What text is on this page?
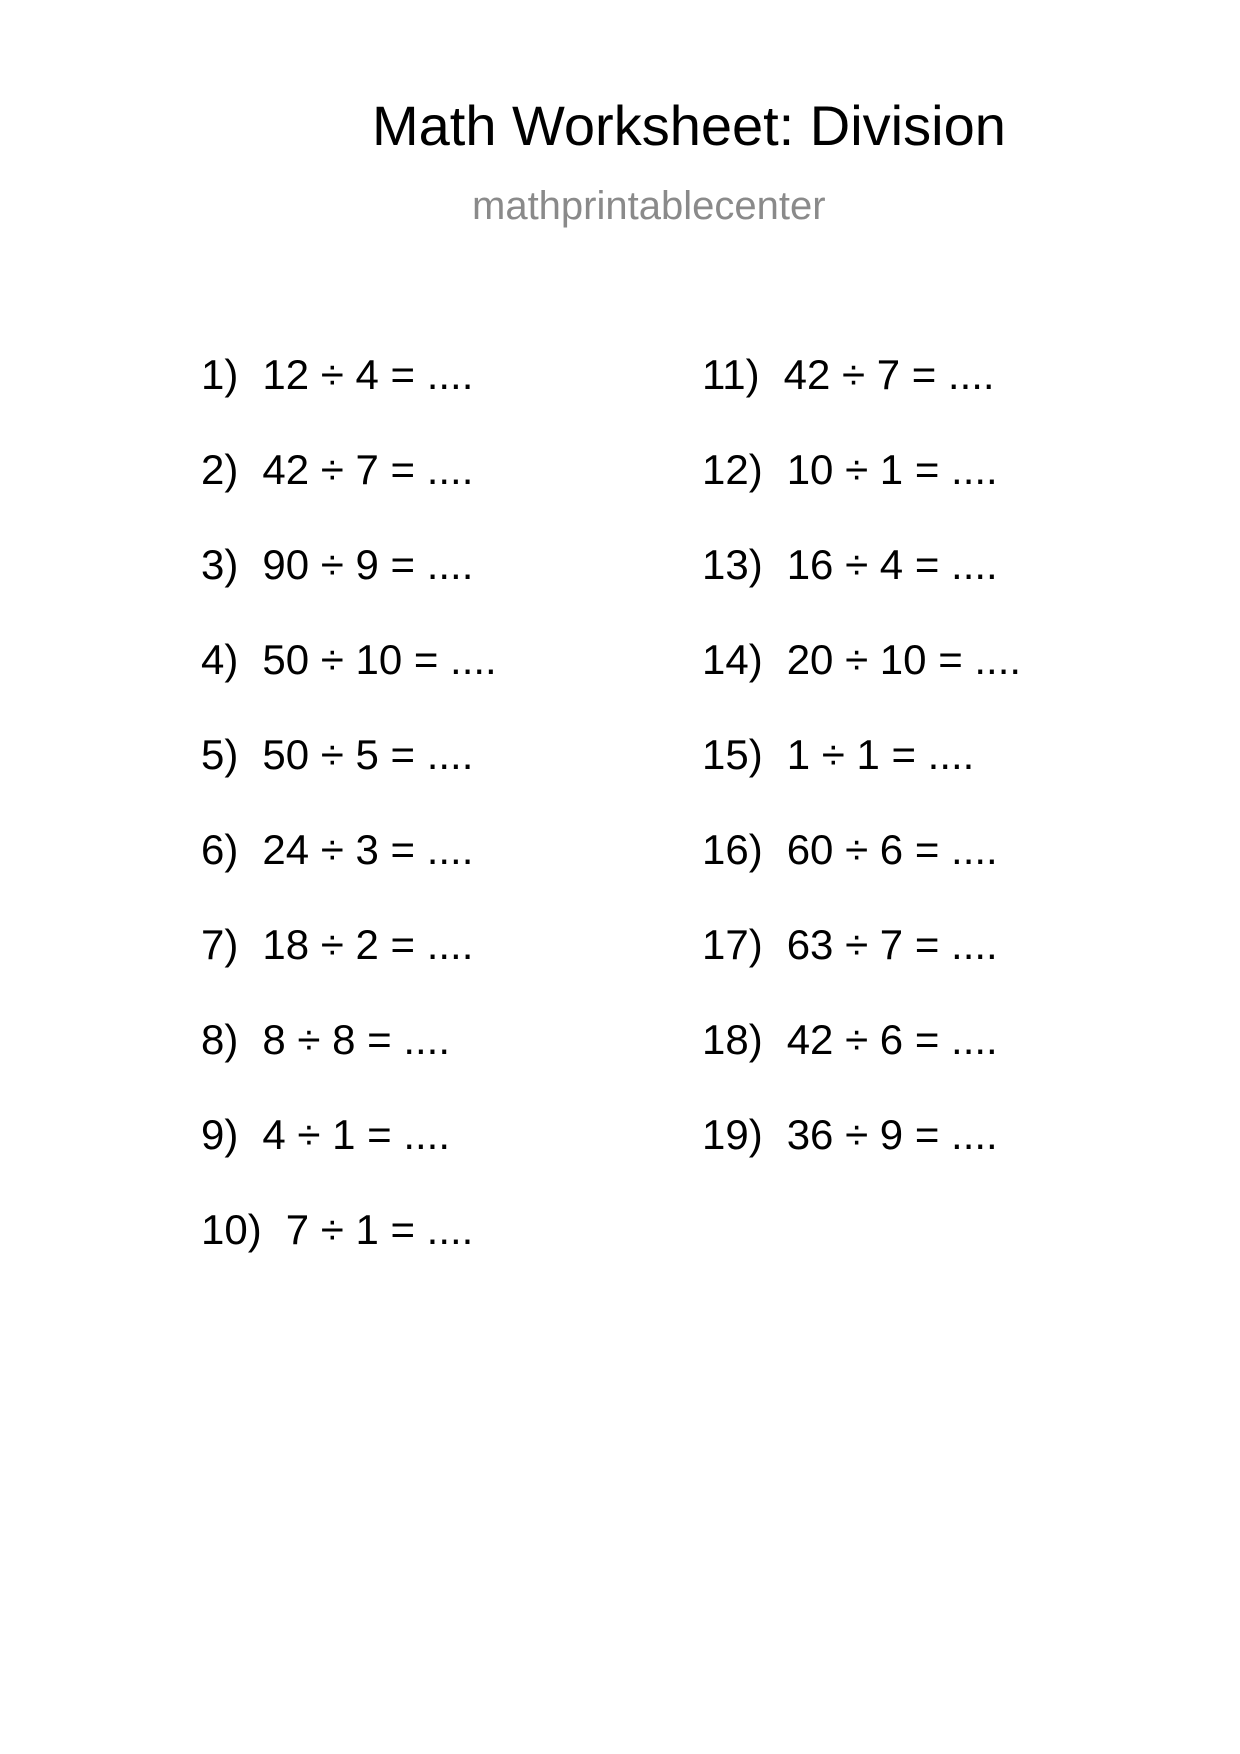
Math Worksheet: Division
mathprintablecenter
1) 12 ÷ 4 = ....
2) 42 ÷ 7 = ....
3) 90 ÷ 9 = ....
4) 50 ÷ 10 = ....
5) 50 ÷ 5 = ....
6) 24 ÷ 3 = ....
7) 18 ÷ 2 = ....
8) 8 ÷ 8 = ....
9) 4 ÷ 1 = ....
10) 7 ÷ 1 = ....
11) 42 ÷ 7 = ....
12) 10 ÷ 1 = ....
13) 16 ÷ 4 = ....
14) 20 ÷ 10 = ....
15) 1 ÷ 1 = ....
16) 60 ÷ 6 = ....
17) 63 ÷ 7 = ....
18) 42 ÷ 6 = ....
19) 36 ÷ 9 = ....
